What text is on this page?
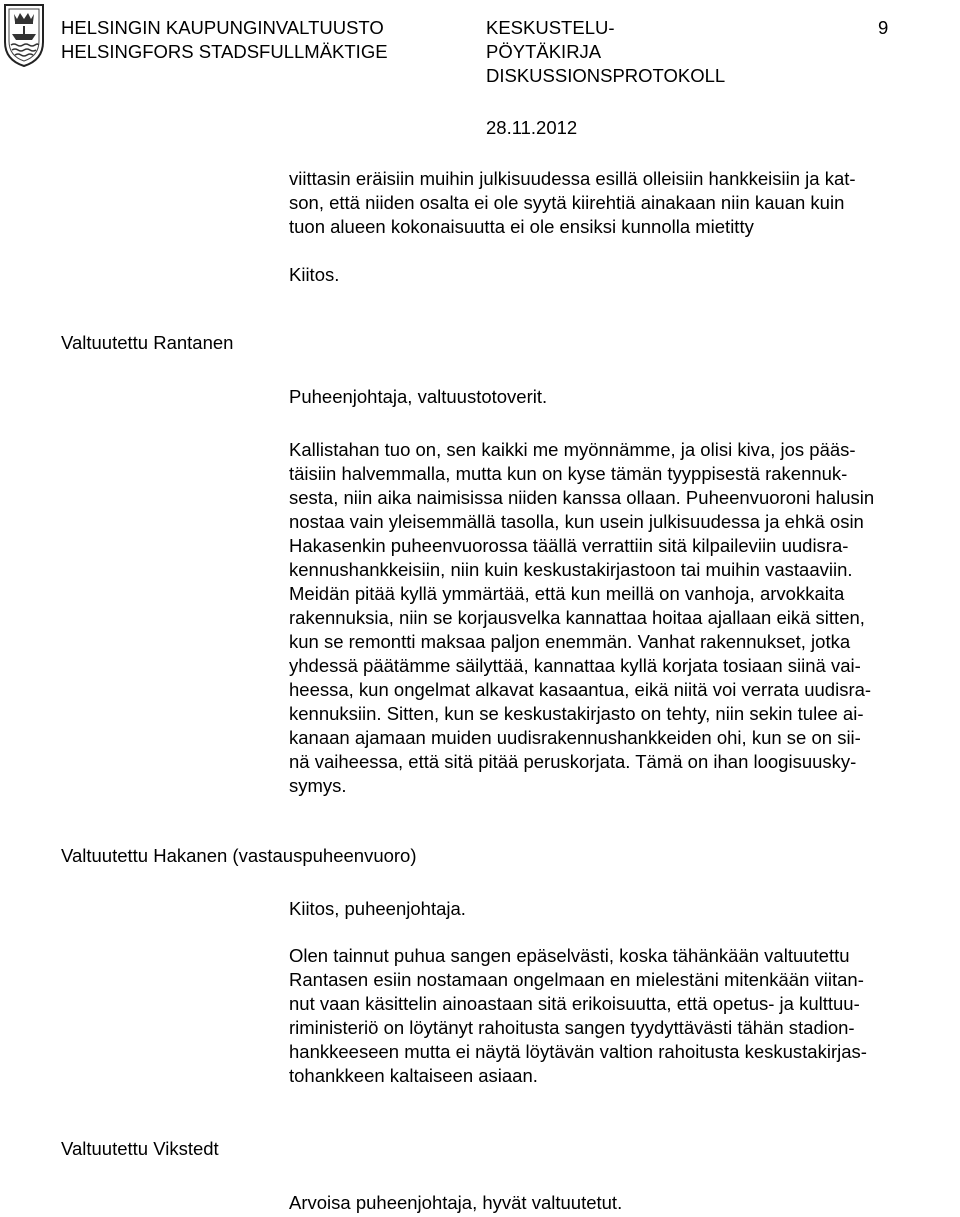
HELSINGIN KAUPUNGINVALTUUSTO
HELSINGFORS STADSFULLMÄKTIGE
KESKUSTELU-
PÖYTÄKIRJA
DISKUSSIONSPROTOKOLL
9
28.11.2012
viittasin eräisiin muihin julkisuudessa esillä olleisiin hankkeisiin ja kat-
son, että niiden osalta ei ole syytä kiirehtiä ainakaan niin kauan kuin
tuon alueen kokonaisuutta ei ole ensiksi kunnolla mietitty
Kiitos.
Valtuutettu Rantanen
Puheenjohtaja, valtuustotoverit.
Kallistahan tuo on, sen kaikki me myönnämme, ja olisi kiva, jos pääs-
täisiin halvemmalla, mutta kun on kyse tämän tyyppisestä rakennuk-
sesta, niin aika naimisissa niiden kanssa ollaan. Puheenvuoroni halusin
nostaa vain yleisemmällä tasolla, kun usein julkisuudessa ja ehkä osin
Hakasenkin puheenvuorossa täällä verrattiin sitä kilpaileviin uudisra-
kennushankkeisiin, niin kuin keskustakirjastoon tai muihin vastaaviin.
Meidän pitää kyllä ymmärtää, että kun meillä on vanhoja, arvokkaita
rakennuksia, niin se korjausvelka kannattaa hoitaa ajallaan eikä sitten,
kun se remontti maksaa paljon enemmän. Vanhat rakennukset, jotka
yhdessä päätämme säilyttää, kannattaa kyllä korjata tosiaan siinä vai-
heessa, kun ongelmat alkavat kasaantua, eikä niitä voi verrata uudisra-
kennuksiin. Sitten, kun se keskustakirjasto on tehty, niin sekin tulee ai-
kanaan ajamaan muiden uudisrakennushankkeiden ohi, kun se on sii-
nä vaiheessa, että sitä pitää peruskorjata. Tämä on ihan loogisuusky-
symys.
Valtuutettu Hakanen (vastauspuheenvuoro)
Kiitos, puheenjohtaja.
Olen tainnut puhua sangen epäselvästi, koska tähänkään valtuutettu
Rantasen esiin nostamaan ongelmaan en mielestäni mitenkään viitan-
nut vaan käsittelin ainoastaan sitä erikoisuutta, että opetus- ja kulttuu-
riministeriö on löytänyt rahoitusta sangen tyydyttävästi tähän stadion-
hankkeeseen mutta ei näytä löytävän valtion rahoitusta keskustakirjas-
tohankkeen kaltaiseen asiaan.
Valtuutettu Vikstedt
Arvoisa puheenjohtaja, hyvät valtuutetut.
